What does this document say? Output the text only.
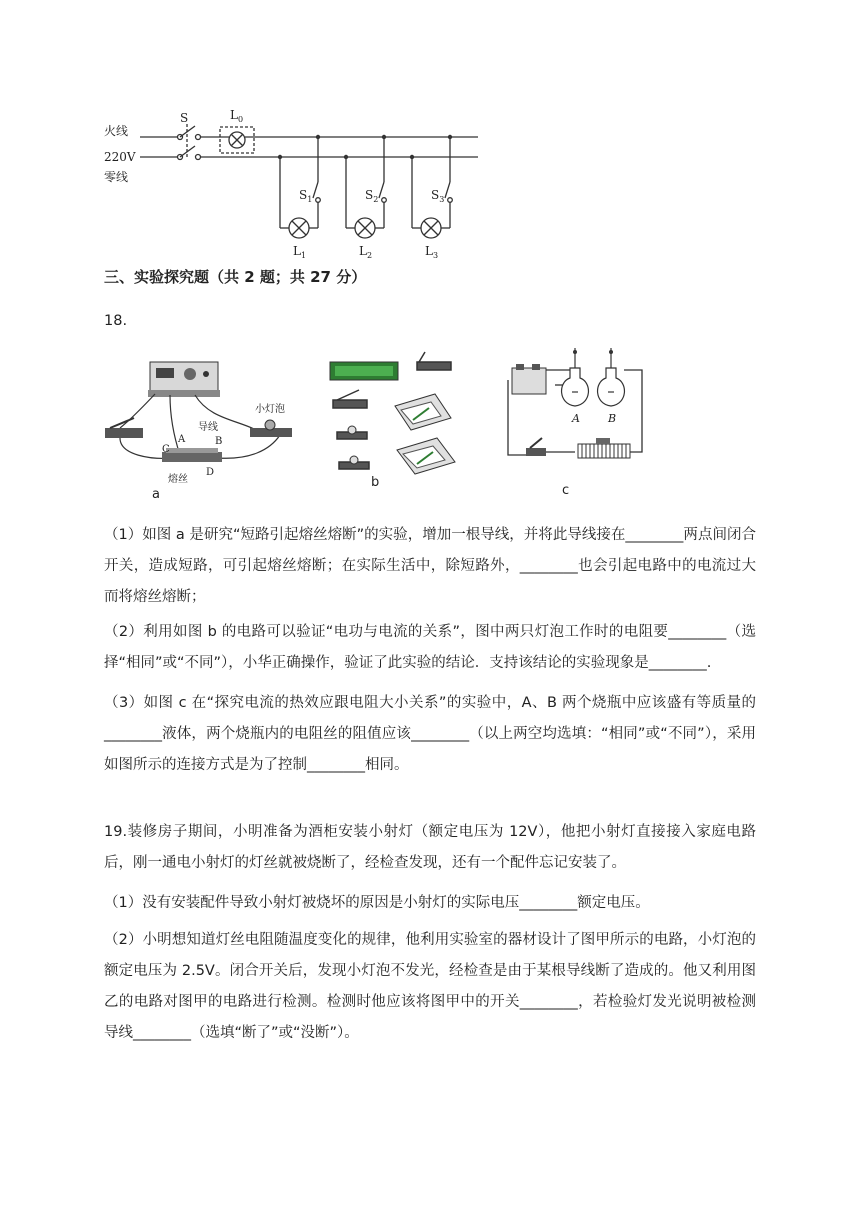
火线
220V
零线
S	$L_0$
$S_1$	$S_2$	$S_3$
$L_1$	$L_2$	$L_3$
三、实验探究题（共 2 题；共 27 分）
18.
导线
小灯泡
熔丝
A	B
C
D
a
b
A	B
c
（1）如图 a 是研究“短路引起熔丝熔断”的实验，增加一根导线，并将此导线接在________两点间闭合开关，造成短路，可引起熔丝熔断；在实际生活中，除短路外，________也会引起电路中的电流过大而将熔丝熔断；
（2）利用如图 b 的电路可以验证“电功与电流的关系”，图中两只灯泡工作时的电阻要________（选择“相同”或“不同”），小华正确操作，验证了此实验的结论．支持该结论的实验现象是________.
（3）如图 c 在“探究电流的热效应跟电阻大小关系”的实验中，A、B 两个烧瓶中应该盛有等质量的________液体，两个烧瓶内的电阻丝的阻值应该________（以上两空均选填：“相同”或“不同”），采用如图所示的连接方式是为了控制________相同。
19.装修房子期间，小明准备为酒柜安装小射灯（额定电压为 12V），他把小射灯直接接入家庭电路后，刚一通电小射灯的灯丝就被烧断了，经检查发现，还有一个配件忘记安装了。
（1）没有安装配件导致小射灯被烧坏的原因是小射灯的实际电压________额定电压。
（2）小明想知道灯丝电阻随温度变化的规律，他利用实验室的器材设计了图甲所示的电路，小灯泡的额定电压为 2.5V。闭合开关后，发现小灯泡不发光，经检查是由于某根导线断了造成的。他又利用图乙的电路对图甲的电路进行检测。检测时他应该将图甲中的开关________，若检验灯发光说明被检测导线________（选填“断了”或“没断”）。
